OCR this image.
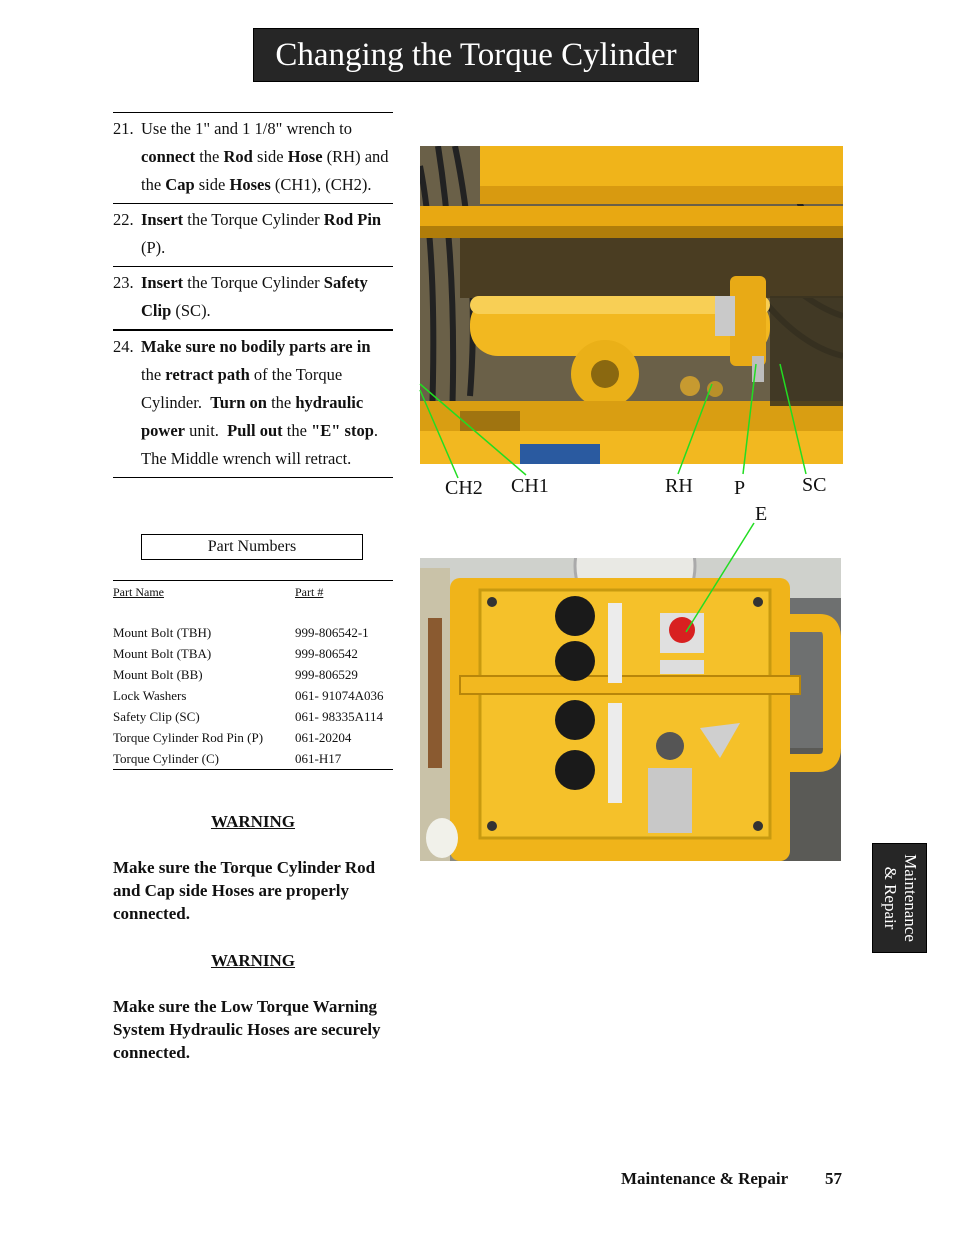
Changing the Torque Cylinder
21. Use the 1" and 1 1/8" wrench to connect the Rod side Hose (RH) and the Cap side Hoses (CH1), (CH2).
22. Insert the Torque Cylinder Rod Pin (P).
23. Insert the Torque Cylinder Safety Clip (SC).
24. Make sure no bodily parts are in the retract path of the Torque Cylinder.  Turn on the hydraulic power unit.  Pull out the "E" stop.  The Middle wrench will retract.
Part Numbers
Part Name	Part #
Mount Bolt (TBH)	999-806542-1
Mount Bolt (TBA)	999-806542
Mount Bolt (BB)	999-806529
Lock Washers	061- 91074A036
Safety Clip (SC)	061- 98335A114
Torque Cylinder Rod Pin (P)	061-20204
Torque Cylinder (C)	061-H17
WARNING
Make sure the Torque Cylinder Rod and Cap side Hoses are properly connected.
WARNING
Make sure the Low Torque Warning System Hydraulic Hoses are securely connected.
CH2 CH1	RH P	SC
E
Maintenance
& Repair
Maintenance & Repair 57
